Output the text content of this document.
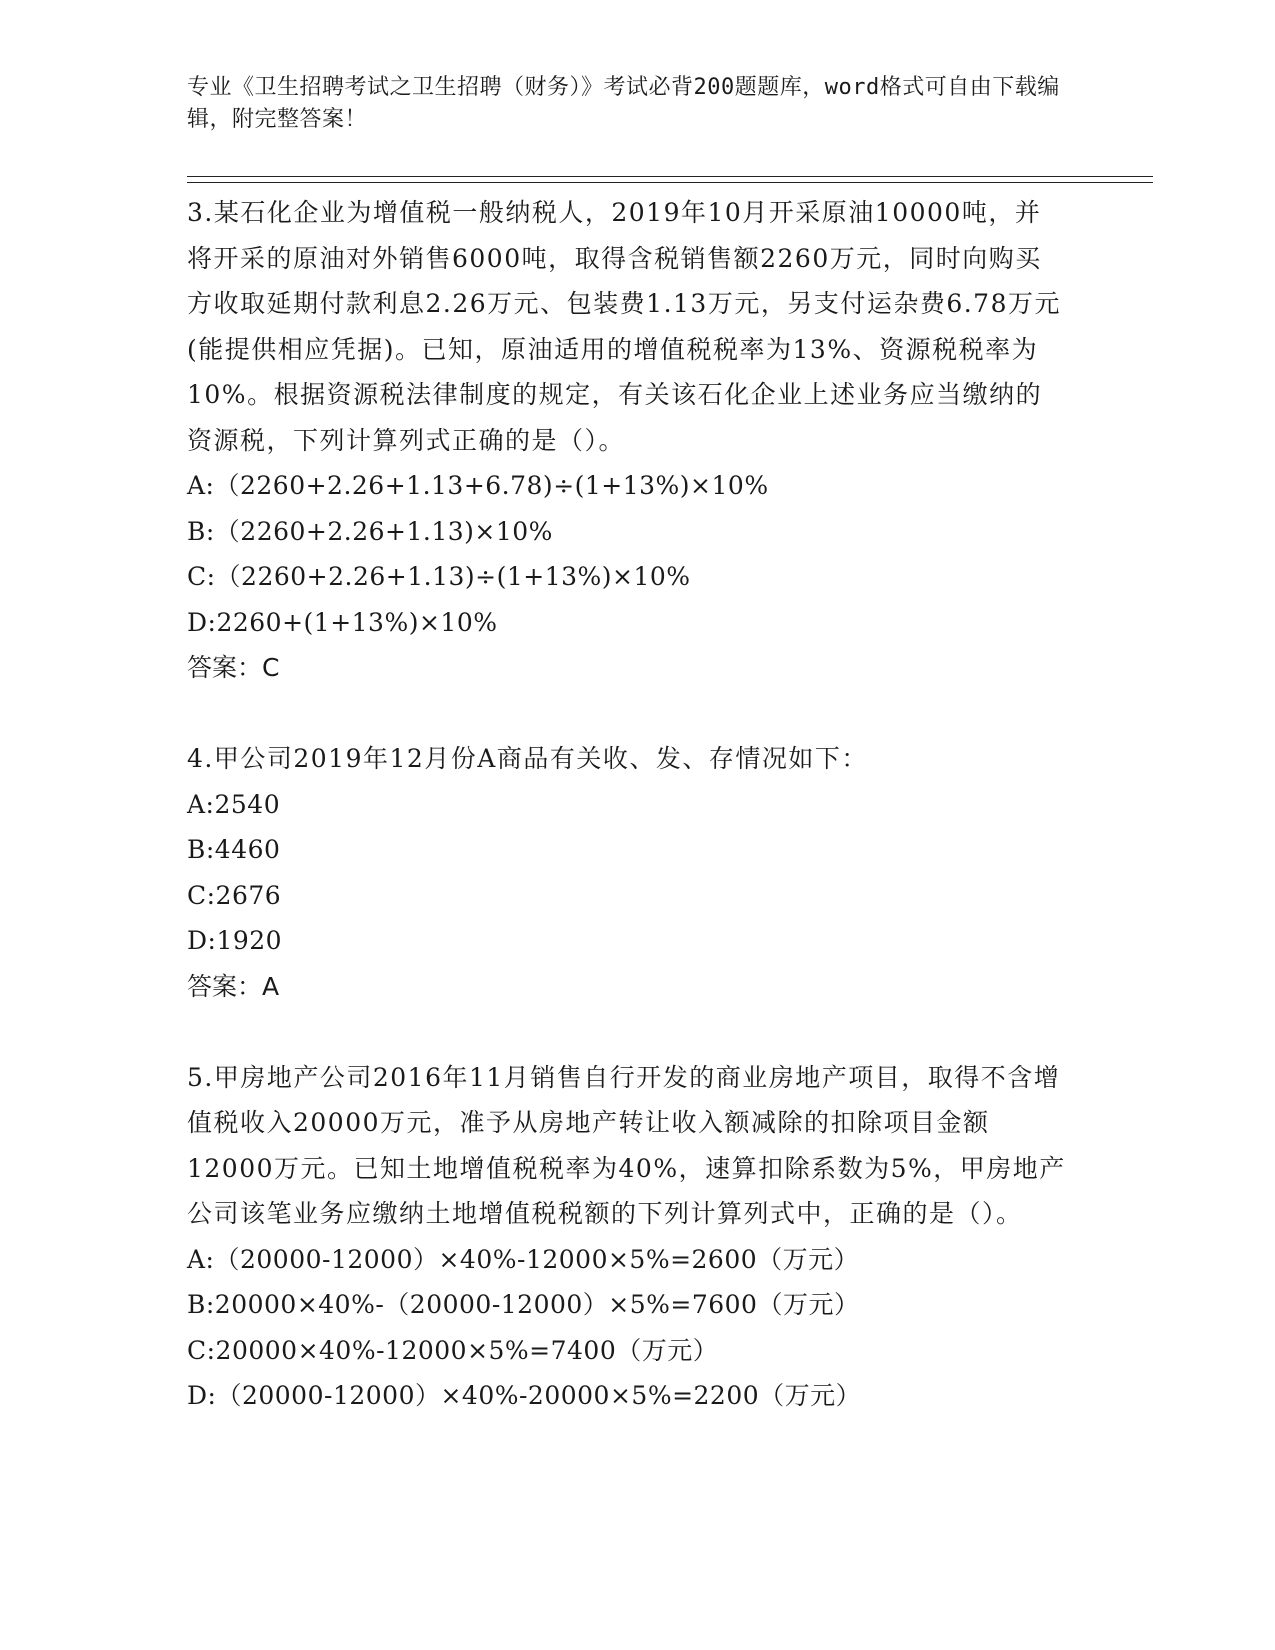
专业《卫生招聘考试之卫生招聘（财务）》考试必背200题题库，word格式可自由下载编辑，附完整答案！

3.某石化企业为增值税一般纳税人，2019年10月开采原油10000吨，并将开采的原油对外销售6000吨，取得含税销售额2260万元，同时向购买方收取延期付款利息2.26万元、包装费1.13万元，另支付运杂费6.78万元(能提供相应凭据)。已知，原油适用的增值税税率为13%、资源税税率为10%。根据资源税法律制度的规定，有关该石化企业上述业务应当缴纳的资源税，下列计算列式正确的是（）。

A:（2260+2.26+1.13+6.78)÷(1+13%)×10%

B:（2260+2.26+1.13)×10%

C:（2260+2.26+1.13)÷(1+13%)×10%

D:2260+(1+13%)×10%

答案：C

4.甲公司2019年12月份A商品有关收、发、存情况如下：

A:2540

B:4460

C:2676

D:1920

答案：A

5.甲房地产公司2016年11月销售自行开发的商业房地产项目，取得不含增值税收入20000万元，准予从房地产转让收入额减除的扣除项目金额12000万元。已知土地增值税税率为40%，速算扣除系数为5%，甲房地产公司该笔业务应缴纳土地增值税税额的下列计算列式中，正确的是（）。

A:（20000-12000）×40%-12000×5%=2600（万元）

B:20000×40%-（20000-12000）×5%=7600（万元）

C:20000×40%-12000×5%=7400（万元）

D:（20000-12000）×40%-20000×5%=2200（万元）
